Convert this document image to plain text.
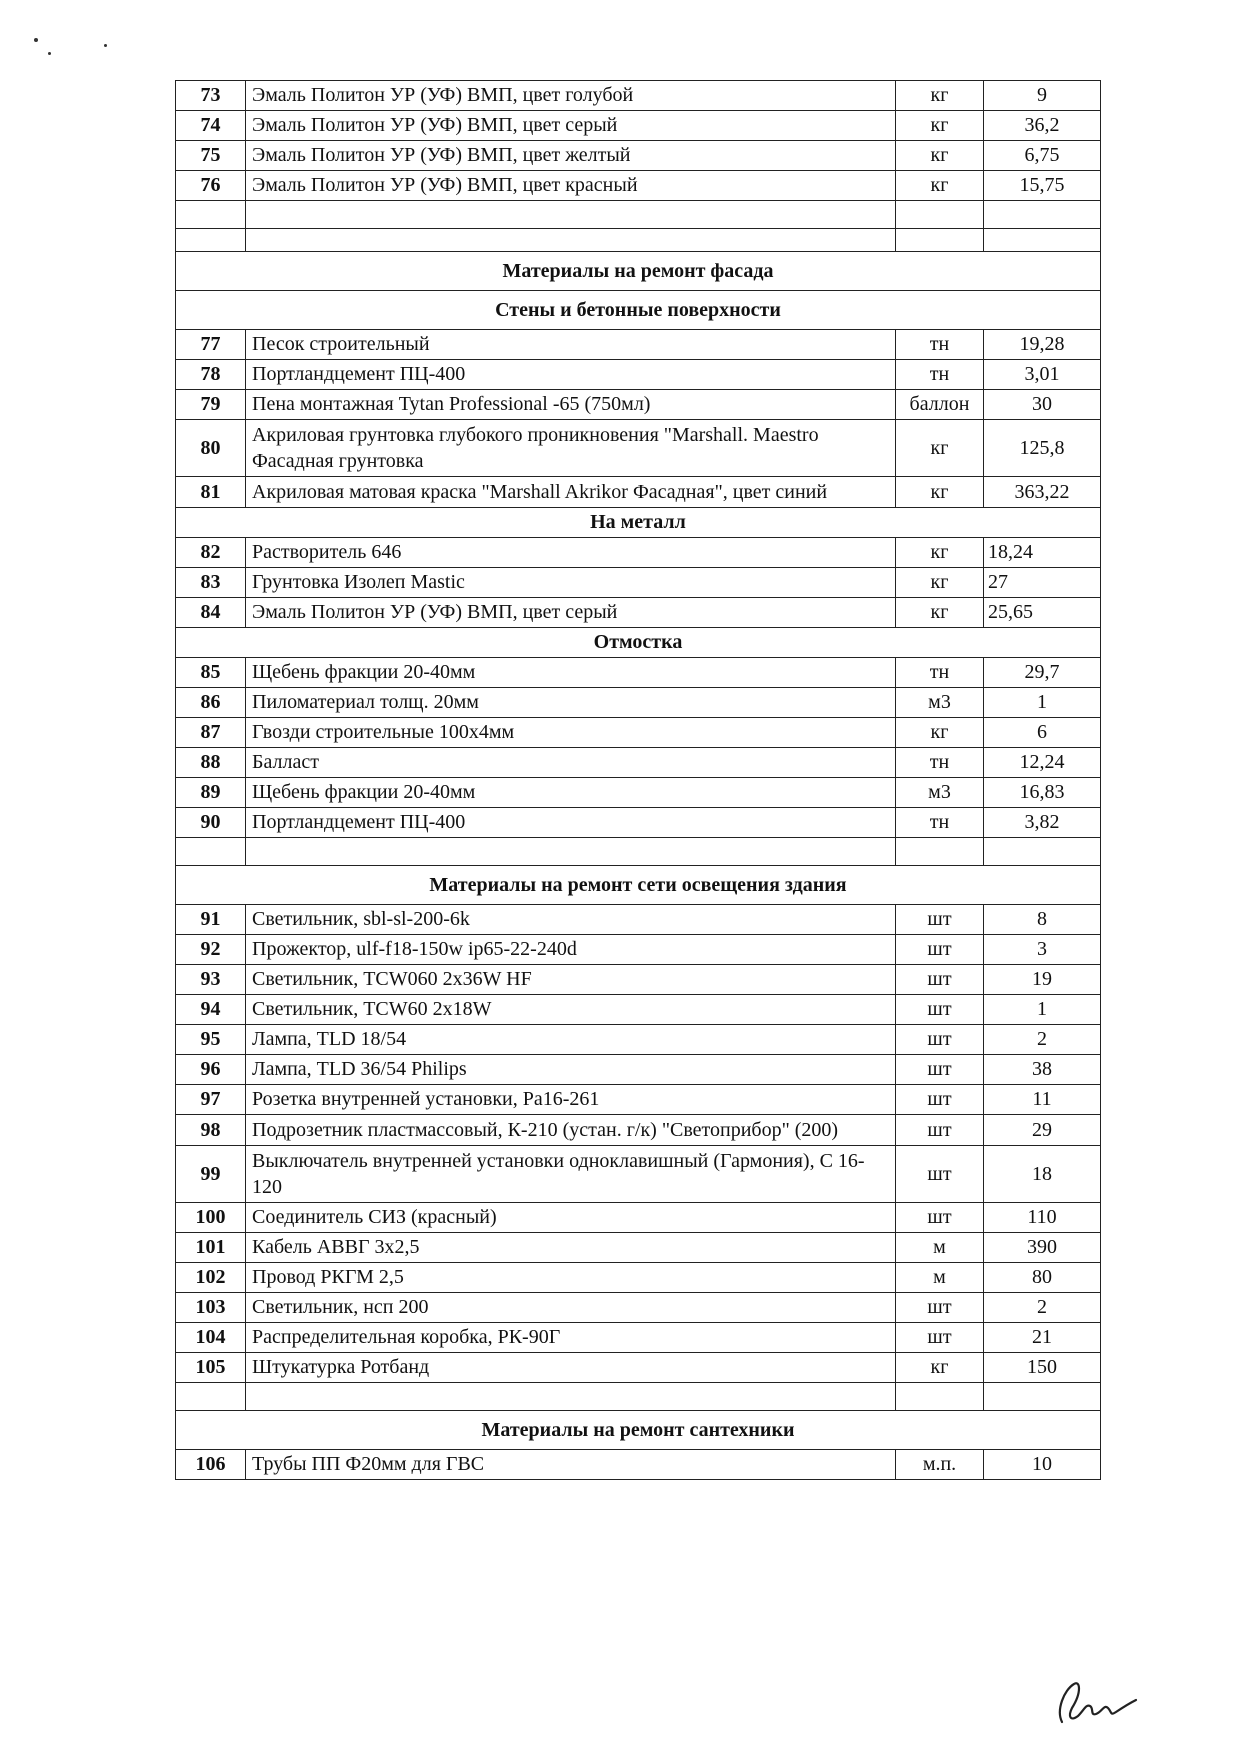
73	Эмаль Политон УР (УФ) ВМП, цвет голубой	кг	9
74	Эмаль Политон УР (УФ) ВМП, цвет серый	кг	36,2
75	Эмаль Политон УР (УФ) ВМП, цвет желтый	кг	6,75
76	Эмаль Политон УР (УФ) ВМП, цвет красный	кг	15,75

Материалы на ремонт фасада			
Стены и бетонные поверхности			
77	Песок строительный	тн	19,28
78	Портландцемент ПЦ-400	тн	3,01
79	Пена монтажная Tytan Professional -65 (750мл)	баллон	30
80	Акриловая грунтовка глубокого проникновения "Marshall. Maestro Фасадная грунтовка	кг	125,8
81	Акриловая матовая краска "Marshall Akrikor Фасадная", цвет синий	кг	363,22
На металл			
82	Растворитель 646	кг	18,24
83	Грунтовка Изолеп Mastic	кг	27
84	Эмаль Политон УР (УФ) ВМП, цвет серый	кг	25,65
Отмостка			
85	Щебень фракции 20-40мм	тн	29,7
86	Пиломатериал толщ. 20мм	м3	1
87	Гвозди строительные 100х4мм	кг	6
88	Балласт	тн	12,24
89	Щебень фракции 20-40мм	м3	16,83
90	Портландцемент ПЦ-400	тн	3,82

Материалы на ремонт сети освещения здания			
91	Светильник, sbl-sl-200-6k	шт	8
92	Прожектор, ulf-f18-150w ip65-22-240d	шт	3
93	Светильник, TCW060 2x36W HF	шт	19
94	Светильник, TCW60 2х18W	шт	1
95	Лампа, TLD 18/54	шт	2
96	Лампа, TLD 36/54 Philips	шт	38
97	Розетка внутренней установки, Ра16-261	шт	11
98	Подрозетник пластмассовый, К-210 (устан. г/к) "Светоприбор" (200)	шт	29
99	Выключатель внутренней установки одноклавишный (Гармония), С 16-120	шт	18
100	Соединитель СИЗ (красный)	шт	110
101	Кабель АВВГ 3х2,5	м	390
102	Провод РКГМ 2,5	м	80
103	Светильник, нсп 200	шт	2
104	Распределительная коробка, РК-90Г	шт	21
105	Штукатурка Ротбанд	кг	150

Материалы на ремонт сантехники			
106	Трубы ПП Ф20мм для ГВС	м.п.	10
